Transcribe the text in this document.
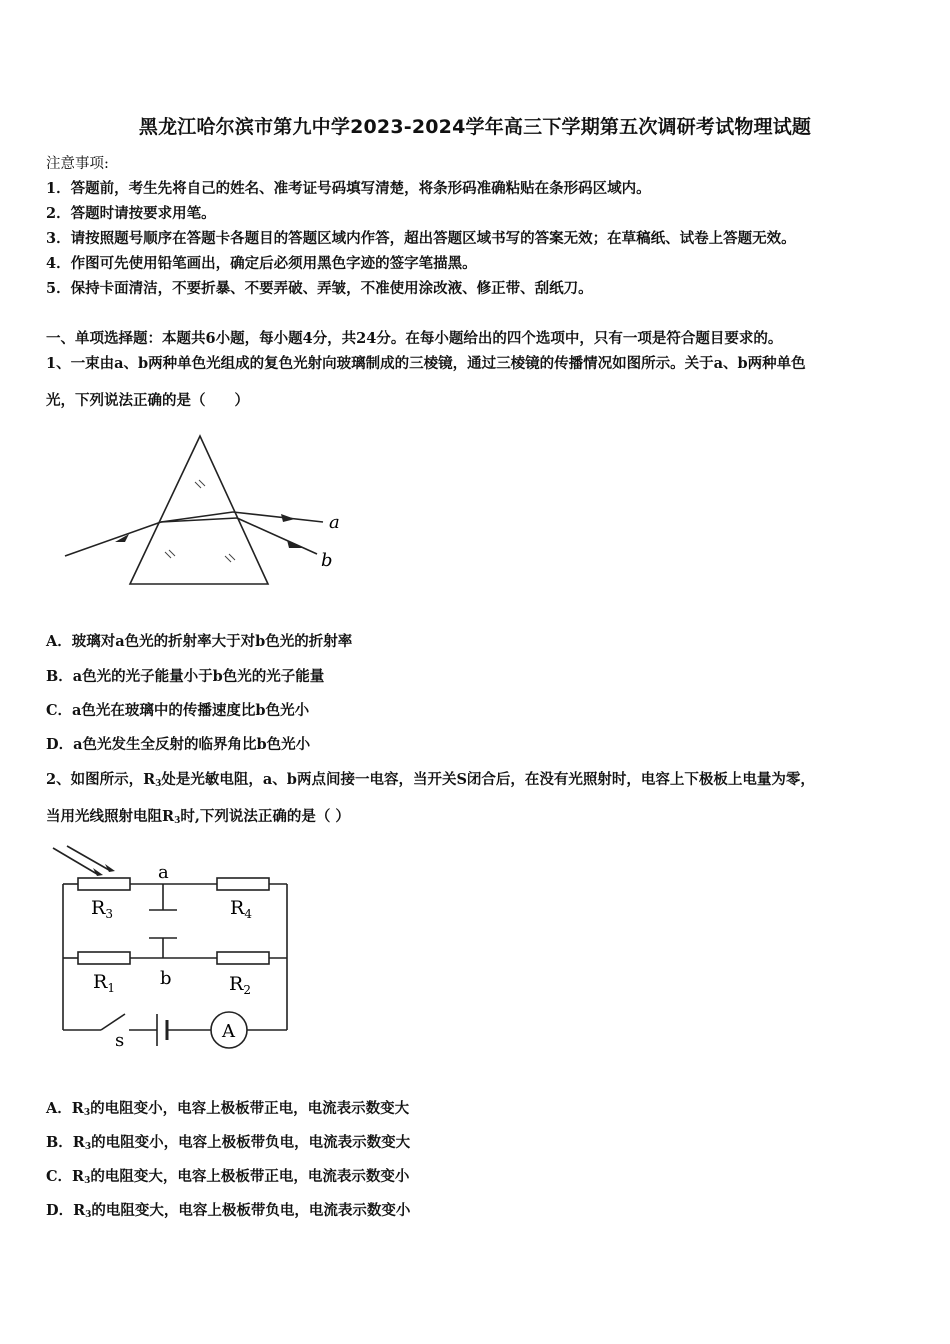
黑龙江哈尔滨市第九中学2023-2024学年高三下学期第五次调研考试物理试题
注意事项:
1．答题前，考生先将自己的姓名、准考证号码填写清楚，将条形码准确粘贴在条形码区域内。
2．答题时请按要求用笔。
3．请按照题号顺序在答题卡各题目的答题区域内作答，超出答题区域书写的答案无效；在草稿纸、试卷上答题无效。
4．作图可先使用铅笔画出，确定后必须用黑色字迹的签字笔描黑。
5．保持卡面清洁，不要折暴、不要弄破、弄皱，不准使用涂改液、修正带、刮纸刀。
一、单项选择题：本题共6小题，每小题4分，共24分。在每小题给出的四个选项中，只有一项是符合题目要求的。
1、一束由a、b两种单色光组成的复色光射向玻璃制成的三棱镜，通过三棱镜的传播情况如图所示。关于a、b两种单色
光，下列说法正确的是（　　）
a
b
A．玻璃对a色光的折射率大于对b色光的折射率
B．a色光的光子能量小于b色光的光子能量
C．a色光在玻璃中的传播速度比b色光小
D．a色光发生全反射的临界角比b色光小
2、如图所示，$R_3$处是光敏电阻，a、b两点间接一电容，当开关S闭合后，在没有光照射时，电容上下极板上电量为零，
当用光线照射电阻$R_3$时,下列说法正确的是（ ）
a
b
$R_3$	$R_4$
$R_1$	$R_2$
s	A
A．$R_3$的电阻变小，电容上极板带正电，电流表示数变大
B．$R_3$的电阻变小，电容上极板带负电，电流表示数变大
C．$R_3$的电阻变大，电容上极板带正电，电流表示数变小
D．$R_3$的电阻变大，电容上极板带负电，电流表示数变小
